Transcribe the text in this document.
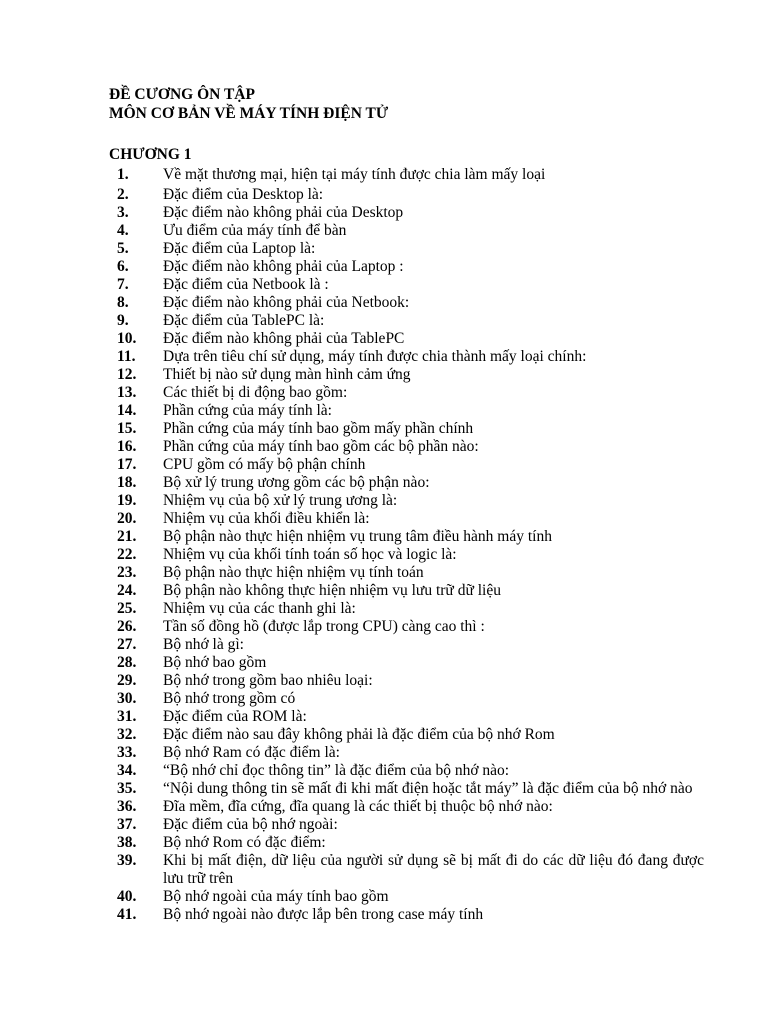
ĐỀ CƯƠNG ÔN TẬP

MÔN CƠ BẢN VỀ MÁY TÍNH ĐIỆN TỬ

CHƯƠNG 1

1.	Về mặt thương mại, hiện tại máy tính được chia làm mấy loại
2.	Đặc điểm của Desktop là:
3.	Đặc điểm nào không phải của Desktop
4.	Ưu điểm của máy tính để bàn
5.	Đặc điểm của Laptop là:
6.	Đặc điểm nào không phải của Laptop :
7.	Đặc điểm của Netbook là :
8.	Đặc điểm nào không phải của Netbook:
9.	Đặc điểm của TablePC là:
10.	Đặc điểm nào không phải của TablePC
11.	Dựa trên tiêu chí sử dụng, máy tính được chia thành mấy loại chính:
12.	Thiết bị nào sử dụng màn hình cảm ứng
13.	Các thiết bị di động bao gồm:
14.	Phần cứng của máy tính là:
15.	Phần cứng của máy tính bao gồm mấy phần chính
16.	Phần cứng của máy tính bao gồm các bộ phần nào:
17.	CPU gồm có mấy bộ phận chính
18.	Bộ xử lý trung ương gồm các bộ phận nào:
19.	Nhiệm vụ của bộ xử lý trung ương là:
20.	Nhiệm vụ của khối điều khiển là:
21.	Bộ phận nào thực hiện nhiệm vụ trung tâm điều hành máy tính
22.	Nhiệm vụ của khối tính toán số học và logic là:
23.	Bộ phận nào thực hiện nhiệm vụ tính toán
24.	Bộ phận nào không thực hiện nhiệm vụ lưu trữ dữ liệu
25.	Nhiệm vụ của các thanh ghi là:
26.	Tần số đồng hồ (được lắp trong CPU) càng cao thì :
27.	Bộ nhớ là gì:
28.	Bộ nhớ bao gồm
29.	Bộ nhớ trong gồm bao nhiêu loại:
30.	Bộ nhớ trong gồm có
31.	Đặc điểm của ROM là:
32.	Đặc điểm nào sau đây không phải là đặc điểm của bộ nhớ Rom
33.	Bộ nhớ Ram có đặc điểm là:
34.	“Bộ nhớ chỉ đọc thông tin” là đặc điểm của bộ nhớ nào:
35.	“Nội dung thông tin sẽ mất đi khi mất điện hoặc tắt máy” là đặc điểm của bộ nhớ nào
36.	Đĩa mềm, đĩa cứng, đĩa quang là các thiết bị thuộc bộ nhớ nào:
37.	Đặc điểm của bộ nhớ ngoài:
38.	Bộ nhớ Rom có đặc điểm:
39.	Khi bị mất điện, dữ liệu của người sử dụng sẽ bị mất đi do các dữ liệu đó đang được lưu trữ trên
40.	Bộ nhớ ngoài của máy tính bao gồm
41.	Bộ nhớ ngoài nào được lắp bên trong case máy tính
